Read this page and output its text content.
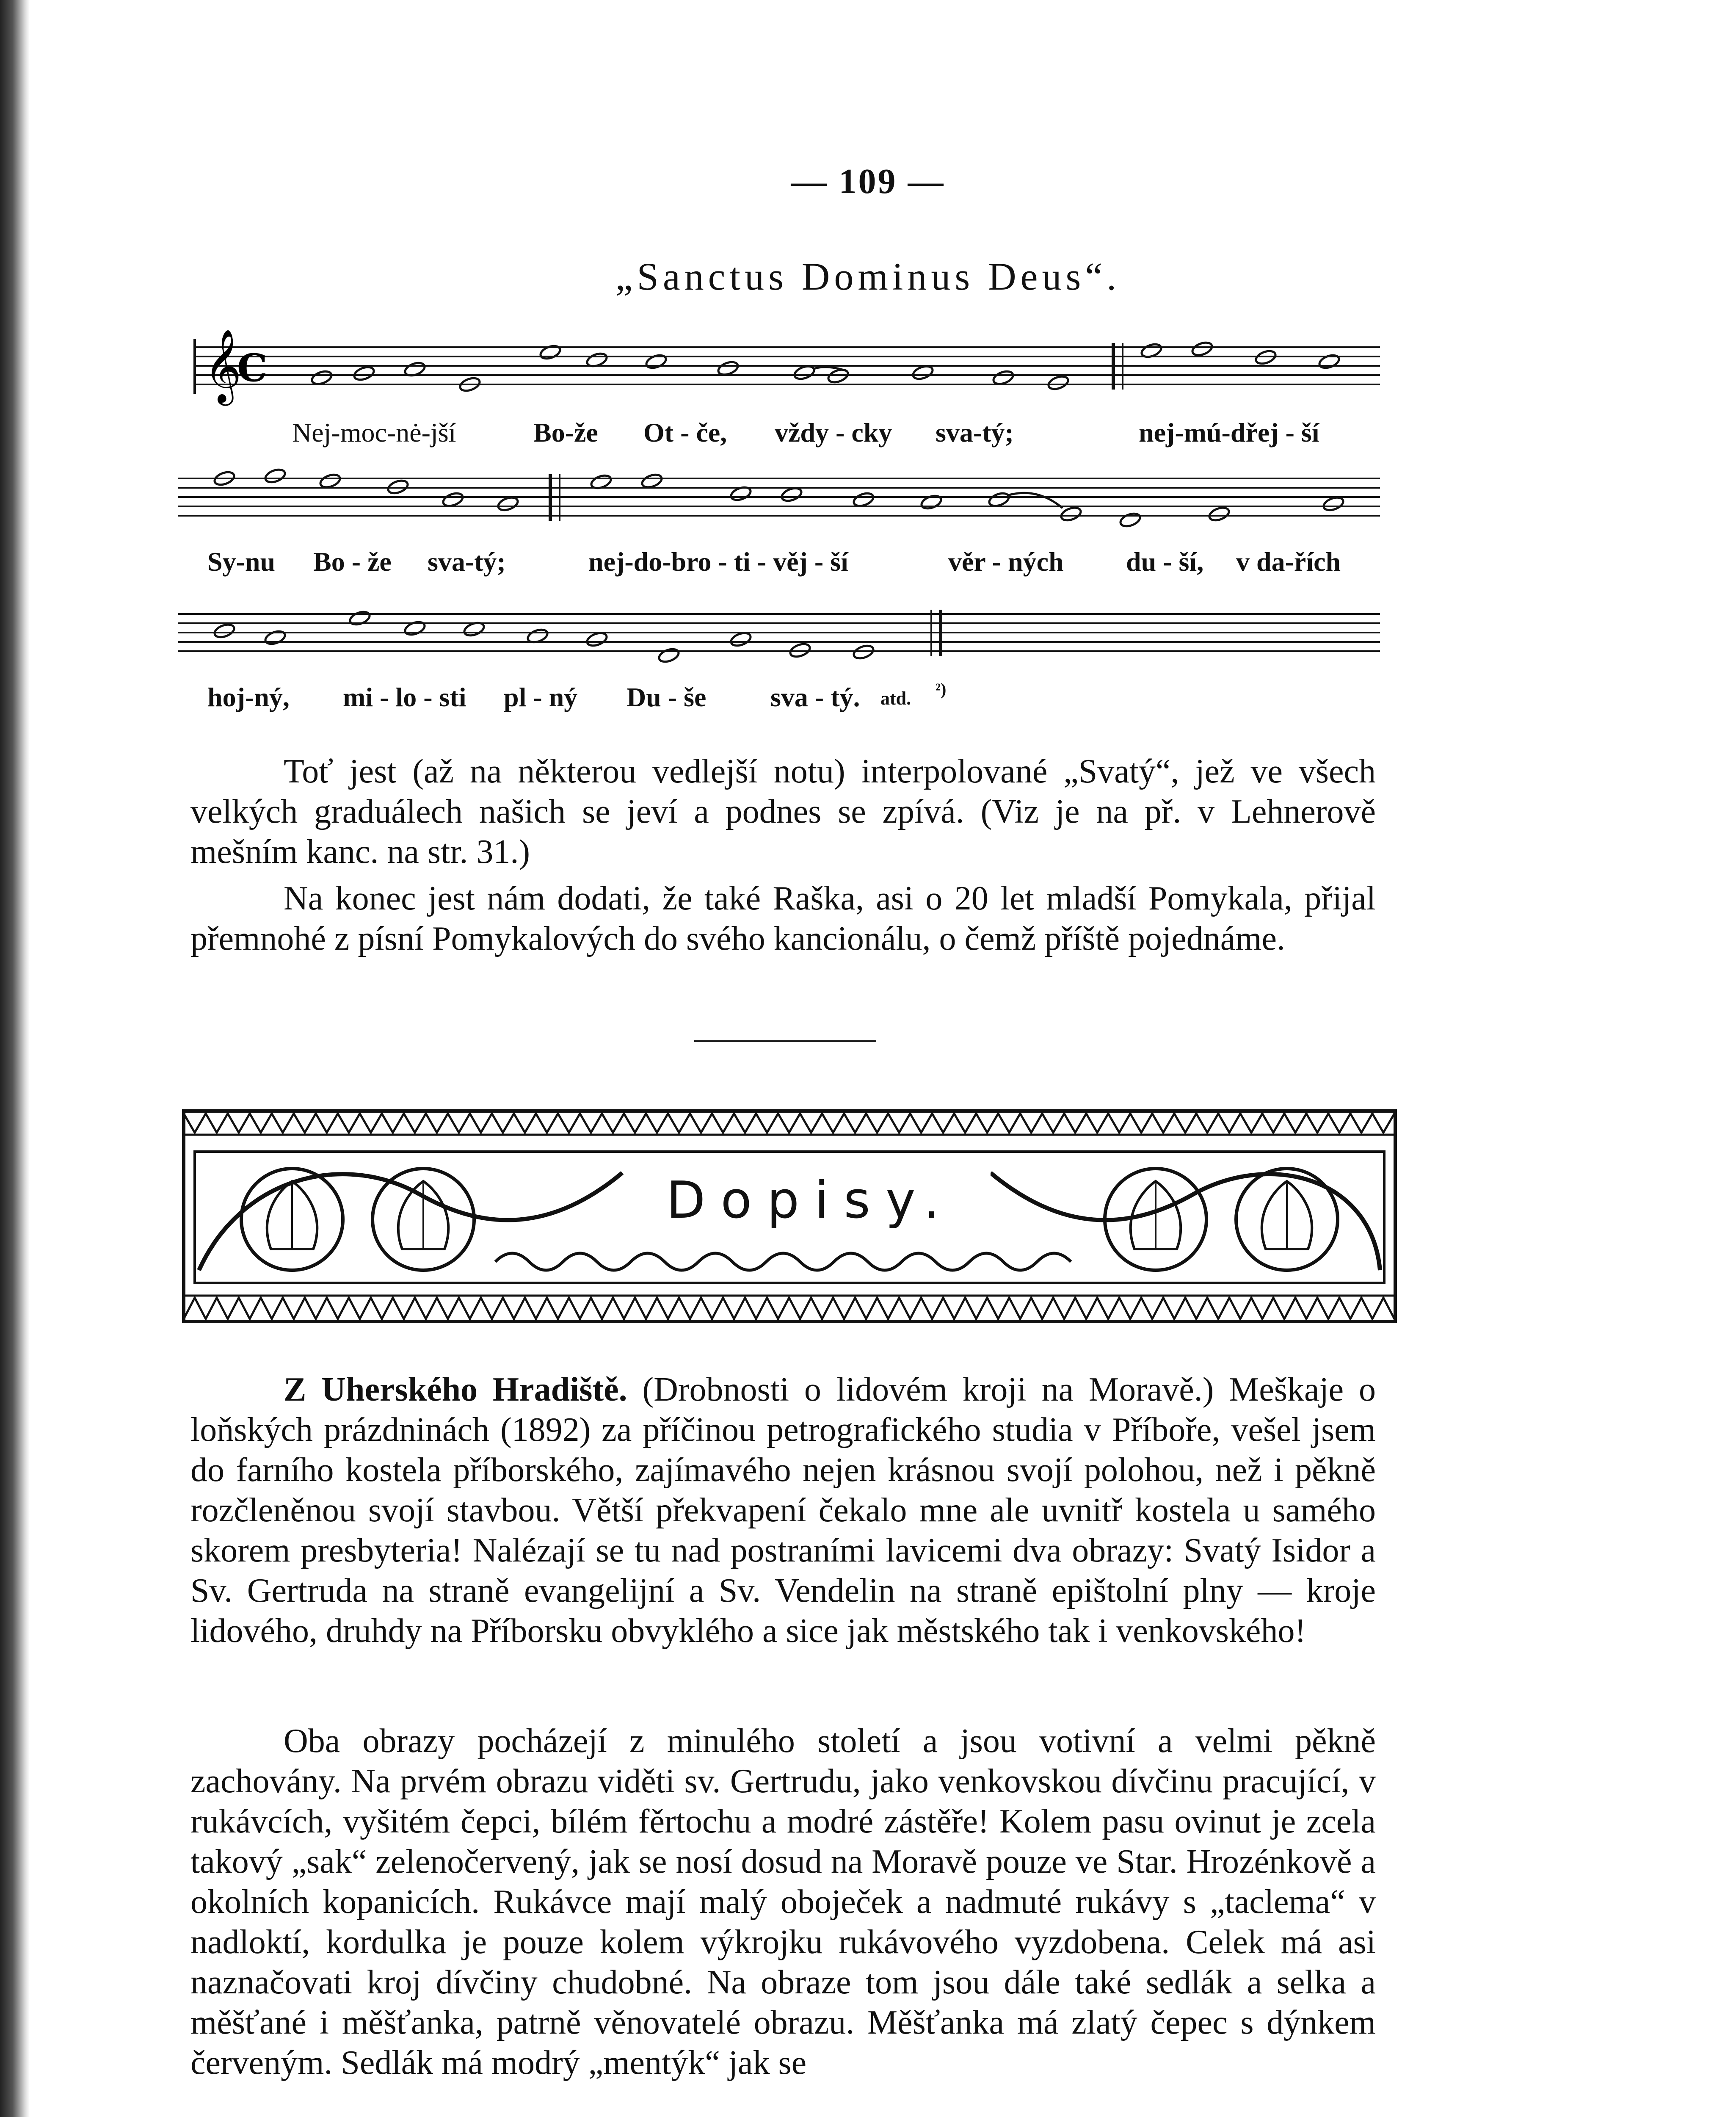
— 109 —
„Sanctus Dominus Deus“.
𝄞
C
Nej-moc-nė-jší	Bo-že Ot - če, vždy - cky sva-tý;	nej-mú-dřej - ší
Sy-nu Bo - že sva-tý;	nej-do-bro - ti - věj - ší	věr - ných du - ší, v da-řích
hoj-ný, mi - lo - sti pl - ný Du - še sva - tý. atd. ²)

Toť jest (až na některou vedlejší notu) interpolované „Svatý“, jež ve všech velkých graduálech našich se jeví a podnes se zpívá. (Viz je na př. v Lehnerově mešním kanc. na str. 31.)

Na konec jest nám dodati, že také Raška, asi o 20 let mladší Pomykala, přijal přemnohé z písní Pomykalových do svého kancionálu, o čemž příště pojednáme.

Dopisy.

Z Uherského Hradiště. (Drobnosti o lidovém kroji na Moravě.) Meškaje o loňských prázdninách (1892) za příčinou petrografického studia v Příboře, vešel jsem do farního kostela příborského, zajímavého nejen krásnou svojí polohou, než i pěkně rozčleněnou svojí stavbou. Větší překvapení čekalo mne ale uvnitř kostela u samého skorem presbyteria! Nalézají se tu nad postraními lavicemi dva obrazy: Svatý Isidor a Sv. Gertruda na straně evangelijní a Sv. Vendelin na straně epištolní plny — kroje lidového, druhdy na Příborsku obvyklého a sice jak městského tak i venkovského!

Oba obrazy pocházejí z minulého století a jsou votivní a velmi pěkně zachovány. Na prvém obrazu viděti sv. Gertrudu, jako venkovskou dívčinu pracující, v rukávcích, vyšitém čepci, bílém fěrtochu a modré zástěře! Kolem pasu ovinut je zcela takový „sak“ zelenočervený, jak se nosí dosud na Moravě pouze ve Star. Hrozénkově a okolních kopanicích. Rukávce mají malý oboječek a nadmuté rukávy s „taclema“ v nadloktí, kordulka je pouze kolem výkrojku rukávového vyzdobena. Celek má asi naznačovati kroj dívčiny chudobné. Na obraze tom jsou dále také sedlák a selka a měšťané i měšťanka, patrně věnovatelé obrazu. Měšťanka má zlatý čepec s dýnkem červeným. Sedlák má modrý „mentýk“ jak se
